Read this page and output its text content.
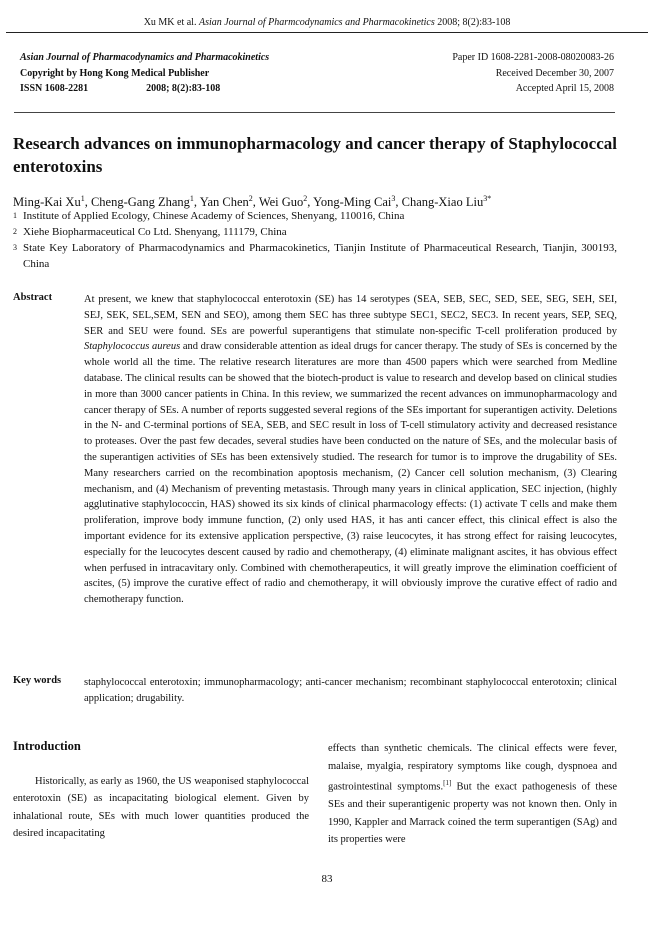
Xu MK et al. Asian Journal of Pharmcodynamics and Pharmacokinetics 2008; 8(2):83-108
Asian Journal of Pharmacodynamics and Pharmacokinetics	Paper ID 1608-2281-2008-08020083-26
Copyright by Hong Kong Medical Publisher	Received December 30, 2007
ISSN 1608-2281	2008; 8(2):83-108	Accepted April 15, 2008
Research advances on immunopharmacology and cancer therapy of Staphylococcal enterotoxins
Ming-Kai Xu$^1$, Cheng-Gang Zhang$^1$, Yan Chen$^2$, Wei Guo$^2$, Yong-Ming Cai$^3$, Chang-Xiao Liu$^{3*}$
1 Institute of Applied Ecology, Chinese Academy of Sciences, Shenyang, 110016, China
2 Xiehe Biopharmaceutical Co Ltd. Shenyang, 111179, China
3 State Key Laboratory of Pharmacodynamics and Pharmacokinetics, Tianjin Institute of Pharmaceutical Research, Tianjin, 300193, China
Abstract	At present, we knew that staphylococcal enterotoxin (SE) has 14 serotypes (SEA, SEB, SEC, SED, SEE, SEG, SEH, SEI, SEJ, SEK, SEL,SEM, SEN and SEO), among them SEC has three subtype SEC1, SEC2, SEC3. In recent years, SEP, SEQ, SER and SEU were found. SEs are powerful superantigens that stimulate non-specific T-cell proliferation produced by Staphylococcus aureus and draw considerable attention as ideal drugs for cancer therapy. The study of SEs is concerned by the whole world all the time. The relative research literatures are more than 4500 papers which were searched from Medline database. The clinical results can be showed that the biotech-product is value to research and develop based on clinical studies in more than 3000 cancer patients in China. In this review, we summarized the recent advances on immunopharmacology and cancer therapy of SEs. A number of reports suggested several regions of the SEs important for superantigen activity. Deletions in the N- and C-terminal portions of SEA, SEB, and SEC result in loss of T-cell stimulatory activity and decreased resistance to proteases. Over the past few decades, several studies have been conducted on the nature of SEs, and the molecular basis of the superantigen activities of SEs has been extensively studied. The research for tumor is to improve the drugability of SEs. Many researchers carried on the recombination apoptosis mechanism, (2) Cancer cell solution mechanism, (3) Clearing mechanism, and (4) Mechanism of preventing metastasis. Through many years in clinical application, SEC injection, (highly agglutinative staphylococcin, HAS) showed its six kinds of clinical pharmacology effects: (1) activate T cells and make them proliferation, improve body immune function, (2) only used HAS, it has anti cancer effect, this clinical effect is also the important evidence for its extensive application perspective, (3) raise leucocytes, it has strong effect for raising leucocytes, especially for the leucocytes descent caused by radio and chemotherapy, (4) eliminate malignant ascites, it has obvious effect when perfused in intracavitary only. Combined with chemotherapeutics, it will greatly improve the elimination coefficient of ascites, (5) improve the curative effect of radio and chemotherapy, it will obviously improve the curative effect of radio and chemotherapy function.
Key words staphylococcal enterotoxin; immunopharmacology; anti-cancer mechanism; recombinant staphylococcal enterotoxin; clinical application; drugability.
Introduction

Historically, as early as 1960, the US weaponised staphylococcal enterotoxin (SE) as incapacitating biological element. Given by inhalational route, SEs with much lower quantities produced the desired incapacitating

effects than synthetic chemicals. The clinical effects were fever, malaise, myalgia, respiratory symptoms like cough, dyspnoea and gastrointestinal symptoms.[1] But the exact pathogenesis of these SEs and their superantigenic property was not known then. Only in 1990, Kappler and Marrack coined the term superantigen (SAg) and its properties were
83
